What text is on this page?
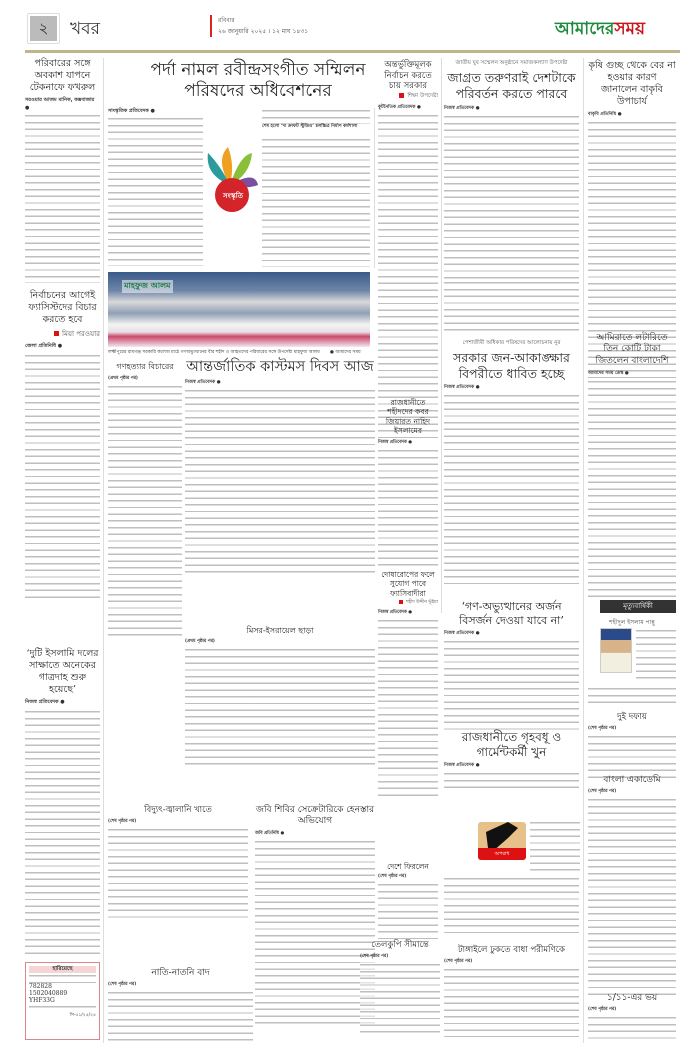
২	খবর	রবিবার
২৬ জানুয়ারি ২০২৫ । ১২ মাঘ ১৪৩১	আমাদেরসময়
পরিবারের সঙ্গে অবকাশ যাপনে টেকনাফে ফখরুল
সরওয়ার আজম মানিক, কক্সবাজার ●
নির্বাচনের আগেই ফ্যাসিস্টদের বিচার করতে হবে
মিয়া পরওয়ার
জেলা প্রতিনিধি ●
‘দুটি ইসলামি দলের সাক্ষাতে অনেকের গাত্রদাহ শুরু হয়েছে’
নিজস্ব প্রতিবেদক ●
হারিয়েছে
782828
1502040889
YHF33G
সি-৫১/২৫/২৫
পর্দা নামল রবীন্দ্রসংগীত সম্মিলন
পরিষদের অধিবেশনের
সাংস্কৃতিক প্রতিবেদক ●
সংস্কৃতি
শেষ হলো ‘দ্য ক্রাফট স্টুডিও’ চলচ্চিত্র নির্মাণ কর্মশালা
অন্তর্ভুক্তিমূলক নির্বাচন করতে চায় সরকার
শিক্ষা উপদেষ্টা
কূটনৈতিক প্রতিবেদক ●
জাতীয় যুব সম্মেলন অনুষ্ঠানে সমাজকল্যাণ উপদেষ্টা
জাগ্রত তরুণরাই দেশটাকে পরিবর্তন করতে পারবে
নিজস্ব প্রতিবেদক ●
কৃষি গুচ্ছ থেকে বের না হওয়ার কারণ জানালেন বাকৃবি উপাচার্য
বাকৃবি প্রতিনিধি ●
মাহফুজ আলম
লক্ষ্মীপুরের রামগঞ্জ সরকারি কলেজ মাঠে গণঅভ্যুত্থানের বীর শহীদ ও আহতদের পরিবারের সঙ্গে উপদেষ্টা মাহফুজ আলম	● আমাদের সময়
পেশাজীবী অধিকার পরিষদের আলোচনায় নুর
সরকার জন-আকাঙ্ক্ষার বিপরীতে ধাবিত হচ্ছে
নিজস্ব প্রতিবেদক ●
আমিরাতে লটারিতে তিন কোটি টাকা জিতলেন বাংলাদেশি
আমাদের সময় ডেস্ক ●
গণহত্যার বিচারের
(প্রথম পৃষ্ঠার পর)
আন্তর্জাতিক কাস্টমস দিবস আজ
নিজস্ব প্রতিবেদক ●
রাজধানীতে শহীদদের কবর জিয়ারত নাহিদ ইসলামের
নিজস্ব প্রতিবেদক ●
মিসর-ইসরায়েল ছাড়া
(প্রথম পৃষ্ঠার পর)
দোষারোপের ফলে সুযোগ পাবে ফ্যাসিবাদীরা
শহীদ উদ্দীন ভূঁইয়া
নিজস্ব প্রতিবেদক ●	‘গণ-অভ্যুত্থানের অর্জন বিসর্জন দেওয়া যাবে না’
নিজস্ব প্রতিবেদক ●
মৃত্যুবার্ষিকী
শহীদুল ইসলাম পান্নু
দুই দফায়
(শেষ পৃষ্ঠার পর)
রাজধানীতে গৃহবধূ ও গার্মেন্টকর্মী খুন
নিজস্ব প্রতিবেদক ●
অপরাধ
বাংলা একাডেমি
(শেষ পৃষ্ঠার পর)
বিদ্যুৎ-জ্বালানি খাতে
(শেষ পৃষ্ঠার পর)
জবি শিবির সেক্রেটারিকে হেনস্তার অভিযোগ
জবি প্রতিনিধি ●
দেশে ফিরলেন
(শেষ পৃষ্ঠার পর)
নাতি-নাতনি বাদ
(শেষ পৃষ্ঠার পর)
তেলকুপি সীমান্তে
(শেষ পৃষ্ঠার পর)
টাঙ্গাইলে ঢুকতে বাধা পরীমণিকে
(শেষ পৃষ্ঠার পর)
১/১১-এর ভয়
(শেষ পৃষ্ঠার পর)
